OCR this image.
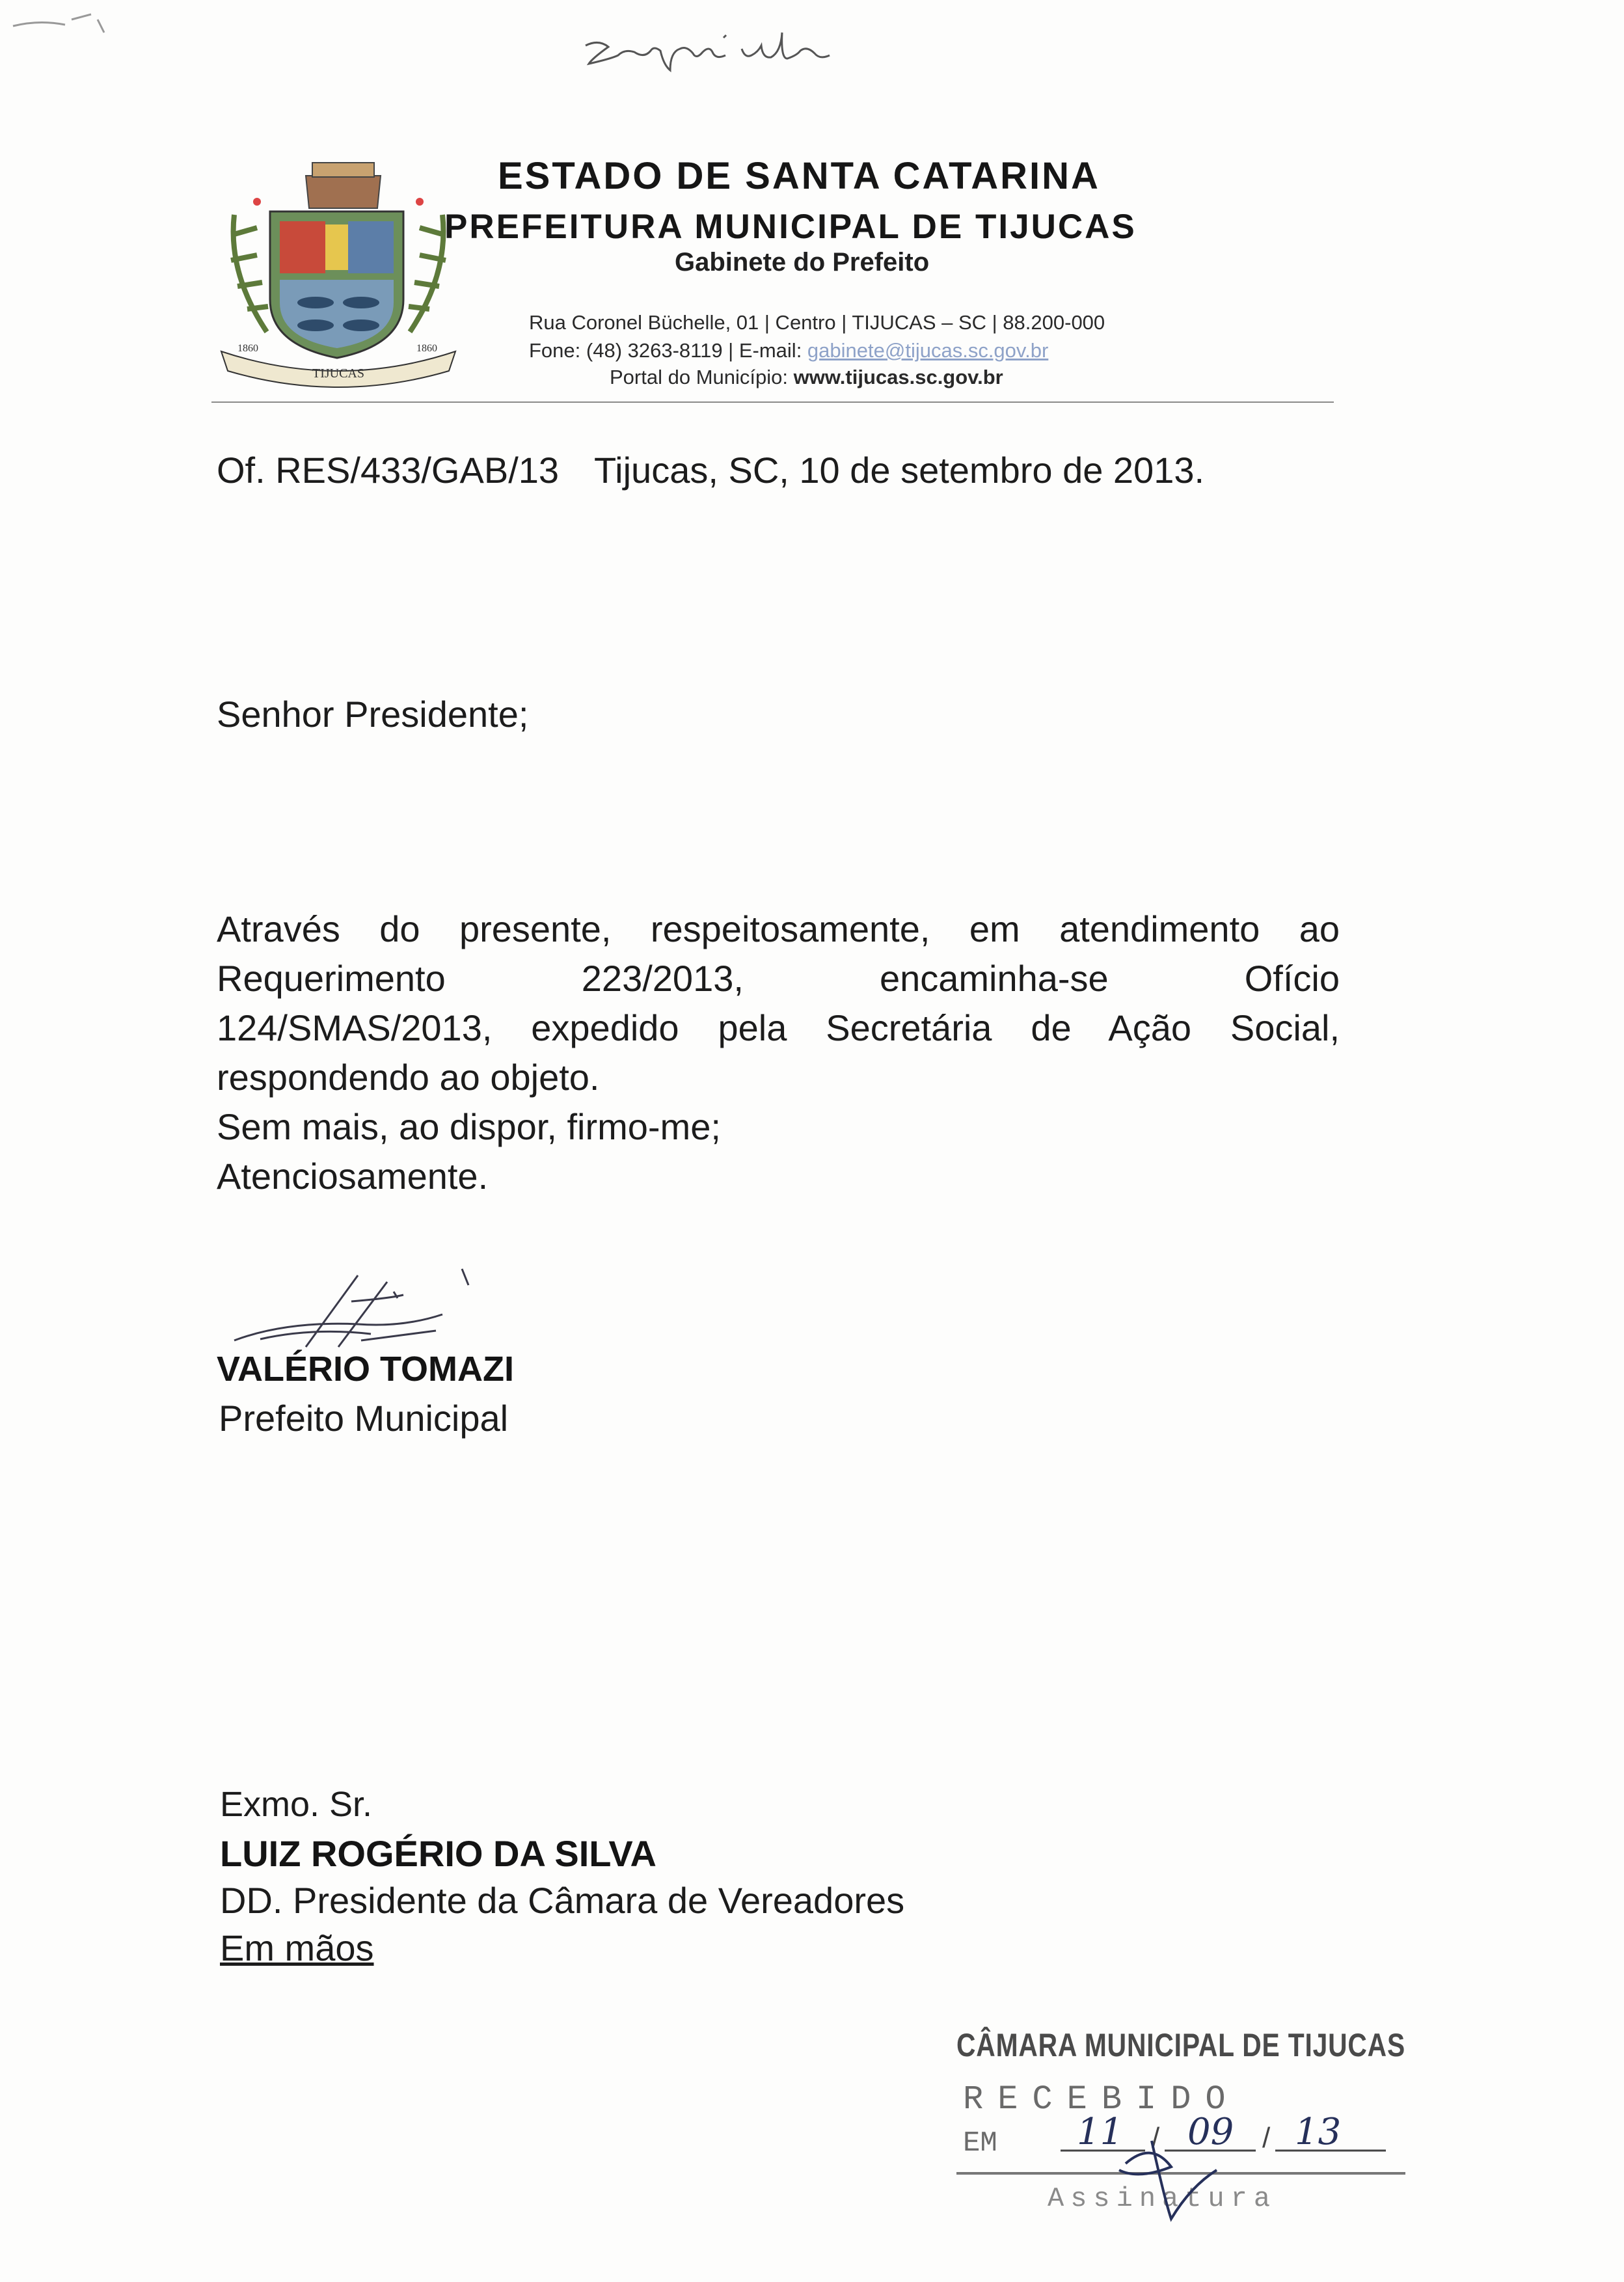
TIJUCAS
1860	1860
ESTADO DE SANTA CATARINA
PREFEITURA MUNICIPAL DE TIJUCAS
Gabinete do Prefeito
Rua Coronel Büchelle, 01 | Centro | TIJUCAS – SC | 88.200-000
Fone: (48) 3263-8119 | E-mail: gabinete@tijucas.sc.gov.br
Portal do Município: www.tijucas.sc.gov.br
Of. RES/433/GAB/13 Tijucas, SC, 10 de setembro de 2013.
Senhor Presidente;

Através do presente, respeitosamente, em atendimento ao

Requerimento	223/2013,	encaminha-se	Ofício

124/SMAS/2013, expedido pela Secretária de Ação Social,

respondendo ao objeto.

Sem mais, ao dispor, firmo-me;

Atenciosamente.

VALÉRIO TOMAZI
Prefeito Municipal
Exmo. Sr.
LUIZ ROGÉRIO DA SILVA
DD. Presidente da Câmara de Vereadores
Em mãos
CÂMARA MUNICIPAL DE TIJUCAS
RECEBIDO
EM	/	/
11 09 13
Assinatura
